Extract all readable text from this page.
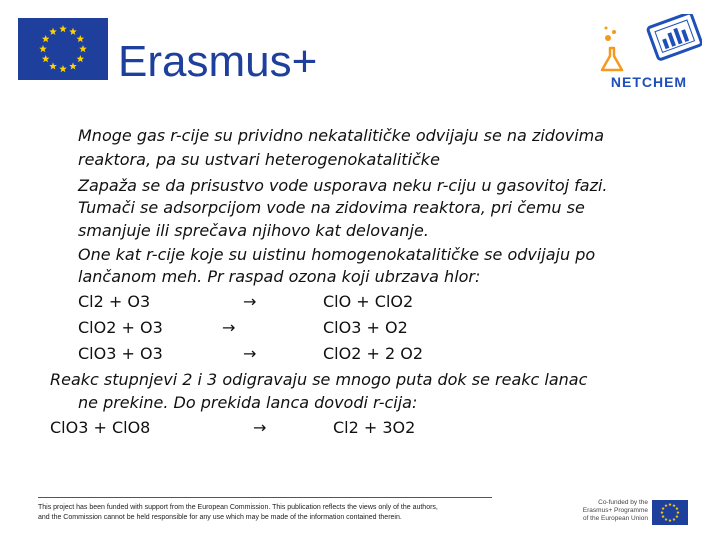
Erasmus+	NETCHEM
Mnoge gas r-cije su prividno nekatalitičke odvijaju se na zidovima
reaktora, pa su ustvari heterogenokatalitičke
Zapaža se da prisustvo vode usporava neku r-ciju u gasovitoj fazi.
Tumači se adsorpcijom vode na zidovima reaktora, pri čemu se
smanjuje ili sprečava njihovo kat delovanje.
One kat r-cije koje su uistinu homogenokatalitičke se odvijaju po
lančanom meh. Pr raspad ozona koji ubrzava hlor:
Cl2 + O3	→	ClO + ClO2
ClO2 + O3	→	ClO3 + O2
ClO3 + O3	→	ClO2 + 2 O2
Reakc stupnjevi 2 i 3 odigravaju se mnogo puta dok se reakc lanac
ne prekine. Do prekida lanca dovodi r-cija:
ClO3 + ClO8	→	Cl2 + 3O2
This project has been funded with support from the European Commission. This publication reflects the views only of the authors,
and the Commission cannot be held responsible for any use which may be made of the information contained therein.
Co-funded by the
Erasmus+ Programme
of the European Union
